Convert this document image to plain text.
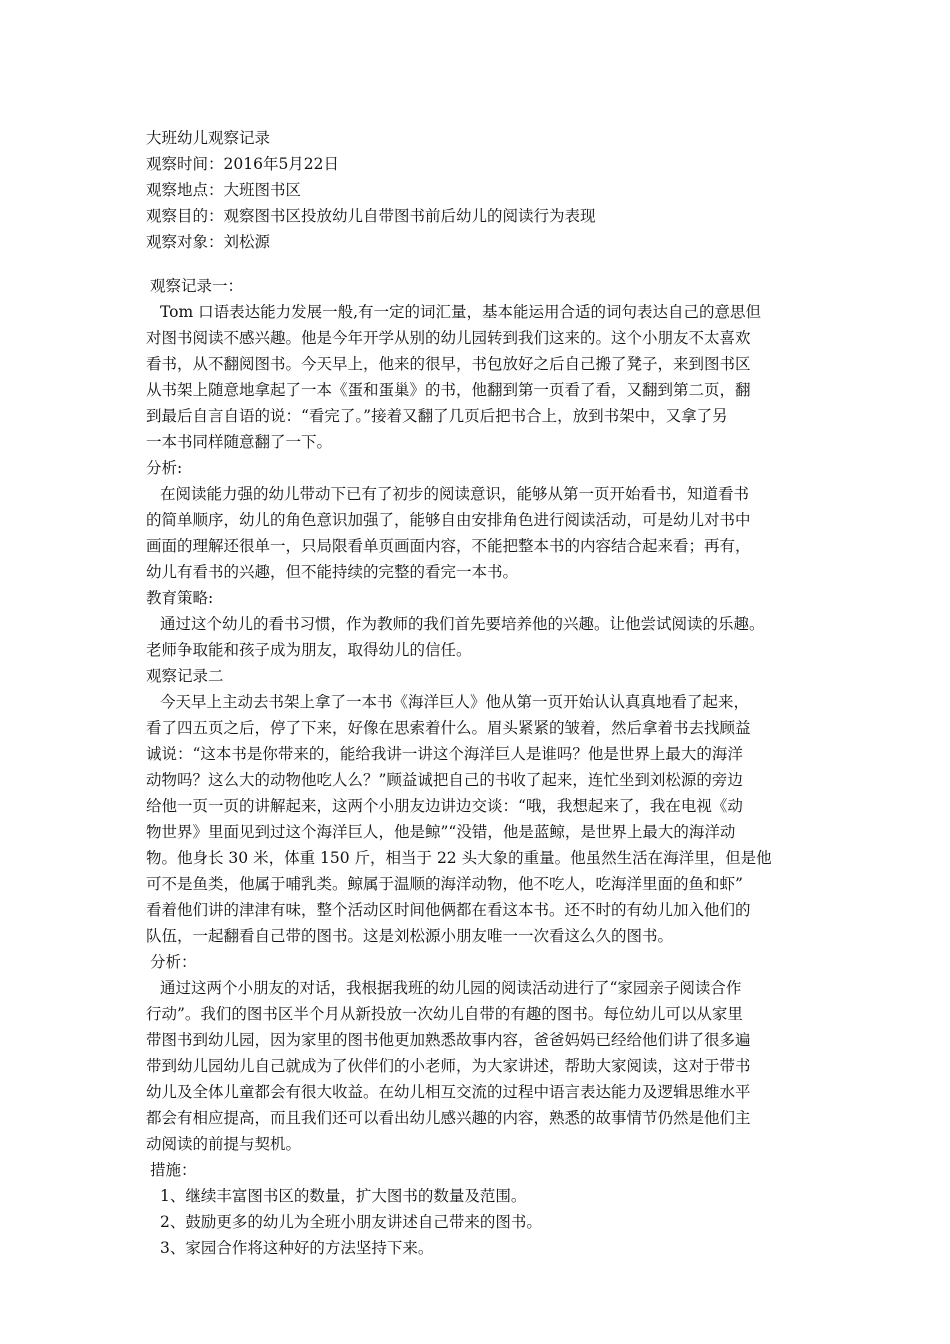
大班幼儿观察记录
观察时间：2016年5月22日
观察地点：大班图书区
观察目的：观察图书区投放幼儿自带图书前后幼儿的阅读行为表现
观察对象：刘松源
观察记录一：
Tom 口语表达能力发展一般,有一定的词汇量，基本能运用合适的词句表达自己的意思但
对图书阅读不感兴趣。他是今年开学从别的幼儿园转到我们这来的。这个小朋友不太喜欢
看书，从不翻阅图书。今天早上，他来的很早，书包放好之后自己搬了凳子，来到图书区
从书架上随意地拿起了一本《蛋和蛋巢》的书，他翻到第一页看了看，又翻到第二页，翻
到最后自言自语的说：“看完了。”接着又翻了几页后把书合上，放到书架中，又拿了另
一本书同样随意翻了一下。
分析:
在阅读能力强的幼儿带动下已有了初步的阅读意识，能够从第一页开始看书，知道看书
的简单顺序，幼儿的角色意识加强了，能够自由安排角色进行阅读活动，可是幼儿对书中
画面的理解还很单一，只局限看单页画面内容，不能把整本书的内容结合起来看；再有，
幼儿有看书的兴趣，但不能持续的完整的看完一本书。
教育策略:
通过这个幼儿的看书习惯，作为教师的我们首先要培养他的兴趣。让他尝试阅读的乐趣。
老师争取能和孩子成为朋友，取得幼儿的信任。
观察记录二
今天早上主动去书架上拿了一本书《海洋巨人》他从第一页开始认认真真地看了起来，
看了四五页之后，停了下来，好像在思索着什么。眉头紧紧的皱着，然后拿着书去找顾益
诚说：“这本书是你带来的，能给我讲一讲这个海洋巨人是谁吗？他是世界上最大的海洋
动物吗？这么大的动物他吃人么？”顾益诚把自己的书收了起来，连忙坐到刘松源的旁边
给他一页一页的讲解起来，这两个小朋友边讲边交谈：“哦，我想起来了，我在电视《动
物世界》里面见到过这个海洋巨人，他是鲸”“没错，他是蓝鲸，是世界上最大的海洋动
物。他身长 30 米，体重 150 斤，相当于 22 头大象的重量。他虽然生活在海洋里，但是他
可不是鱼类，他属于哺乳类。鲸属于温顺的海洋动物，他不吃人，吃海洋里面的鱼和虾”
看着他们讲的津津有味，整个活动区时间他俩都在看这本书。还不时的有幼儿加入他们的
队伍，一起翻看自己带的图书。这是刘松源小朋友唯一一次看这么久的图书。
分析：
通过这两个小朋友的对话，我根据我班的幼儿园的阅读活动进行了“家园亲子阅读合作
行动”。我们的图书区半个月从新投放一次幼儿自带的有趣的图书。每位幼儿可以从家里
带图书到幼儿园，因为家里的图书他更加熟悉故事内容，爸爸妈妈已经给他们讲了很多遍
带到幼儿园幼儿自己就成为了伙伴们的小老师，为大家讲述，帮助大家阅读，这对于带书
幼儿及全体儿童都会有很大收益。在幼儿相互交流的过程中语言表达能力及逻辑思维水平
都会有相应提高，而且我们还可以看出幼儿感兴趣的内容，熟悉的故事情节仍然是他们主
动阅读的前提与契机。
措施：
1、继续丰富图书区的数量，扩大图书的数量及范围。
2、鼓励更多的幼儿为全班小朋友讲述自己带来的图书。
3、家园合作将这种好的方法坚持下来。
